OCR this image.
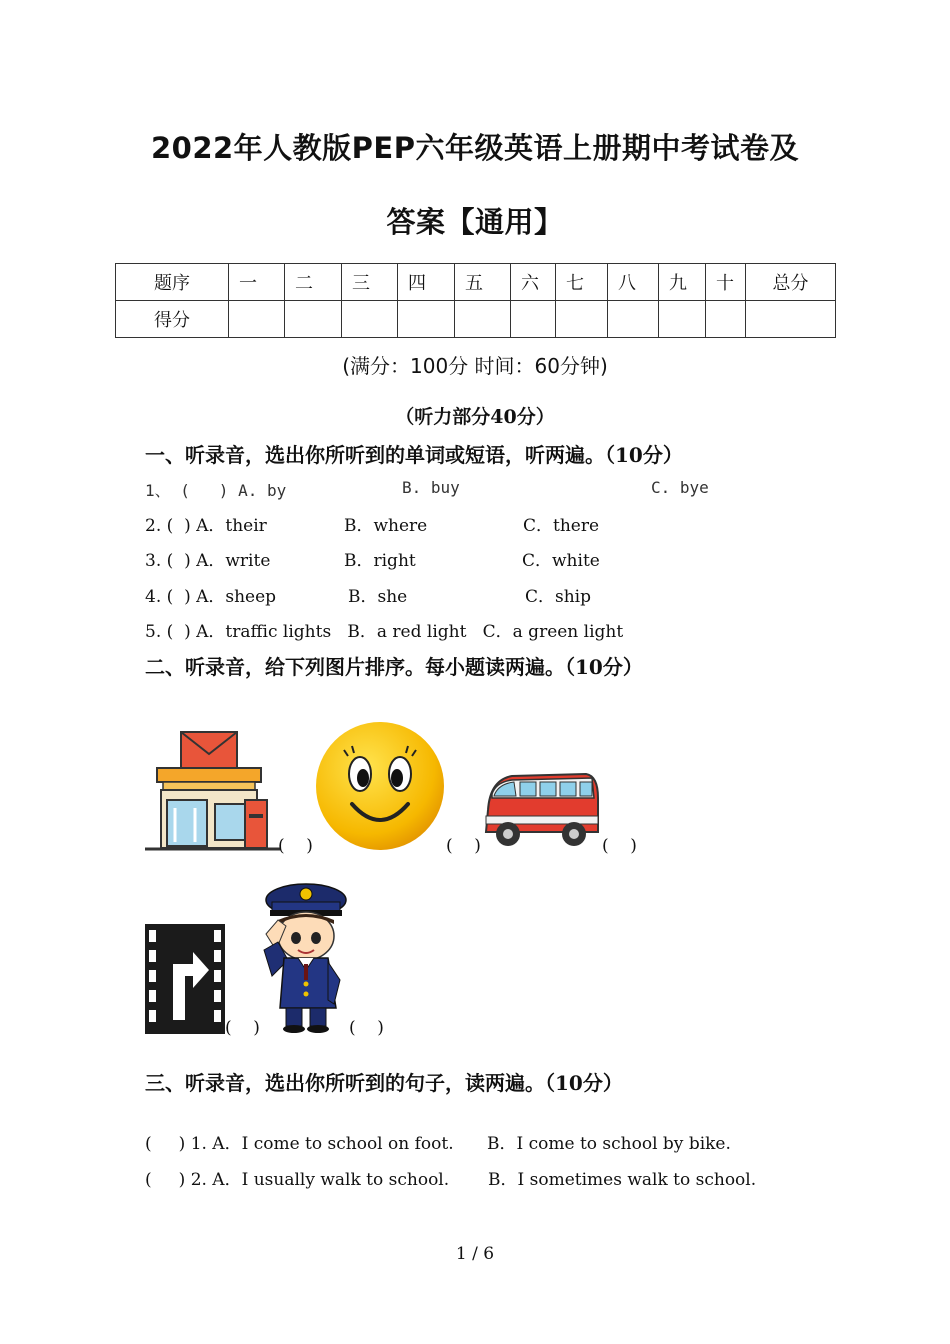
2022年人教版PEP六年级英语上册期中考试卷及
答案【通用】
题序	一	二	三	四	五	六	七	八	九	十	总分
得分											
(满分：100分 时间：60分钟)
（听力部分40分）
一、听录音，选出你所听到的单词或短语，听两遍。（10分）
1、 (   ) A. by	B. buy	C. bye
2. (  ) A．their	B．where	C．there
3. (  ) A．write	B．right	C．white
4. (  ) A．sheep	B．she	C．ship
5. (  ) A．traffic lights   B．a red light   C．a green light
二、听录音，给下列图片排序。每小题读两遍。（10分）
(    )	(    )	(    )
(    )	(    )
三、听录音，选出你所听到的句子，读两遍。（10分）
(     ) 1. A．I come to school on foot. B．I come to school by bike.
(     ) 2. A．I usually walk to school. B．I sometimes walk to school.
1 / 6
